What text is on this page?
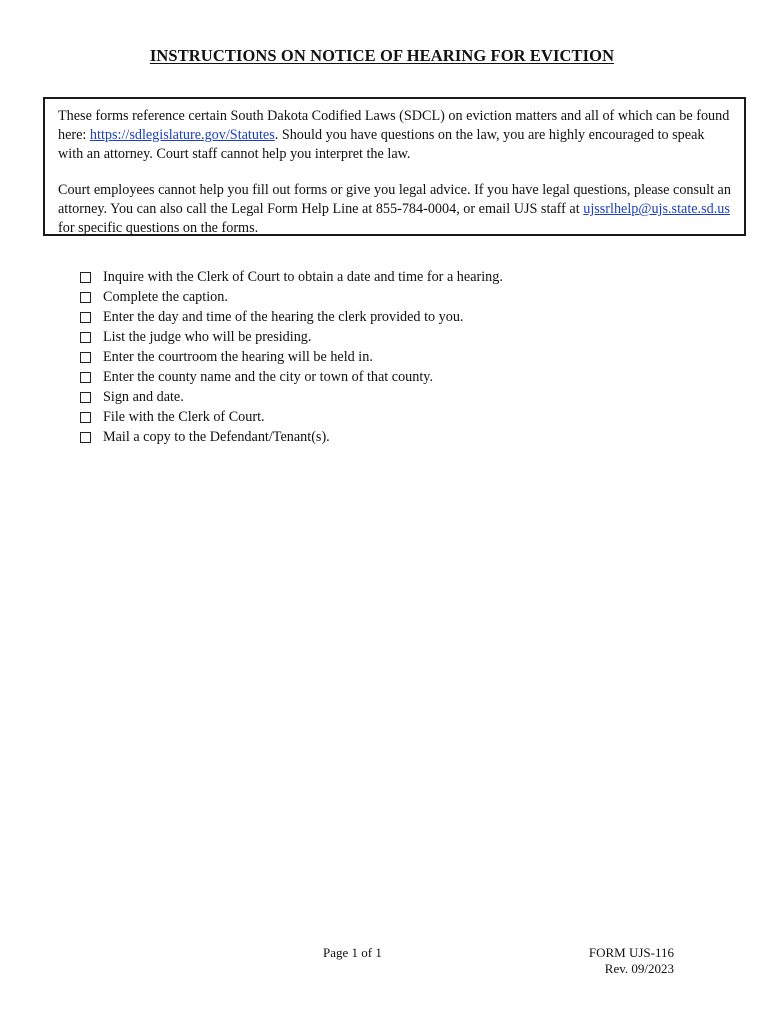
INSTRUCTIONS ON NOTICE OF HEARING FOR EVICTION

These forms reference certain South Dakota Codified Laws (SDCL) on eviction matters and all of which can be found here: https://sdlegislature.gov/Statutes. Should you have questions on the law, you are highly encouraged to speak with an attorney. Court staff cannot help you interpret the law.

Court employees cannot help you fill out forms or give you legal advice. If you have legal questions, please consult an attorney. You can also call the Legal Form Help Line at 855-784-0004, or email UJS staff at ujssrlhelp@ujs.state.sd.us for specific questions on the forms.

Inquire with the Clerk of Court to obtain a date and time for a hearing.
Complete the caption.
Enter the day and time of the hearing the clerk provided to you.
List the judge who will be presiding.
Enter the courtroom the hearing will be held in.
Enter the county name and the city or town of that county.
Sign and date.
File with the Clerk of Court.
Mail a copy to the Defendant/Tenant(s).
Page 1 of 1	FORM UJS-116
Rev. 09/2023
